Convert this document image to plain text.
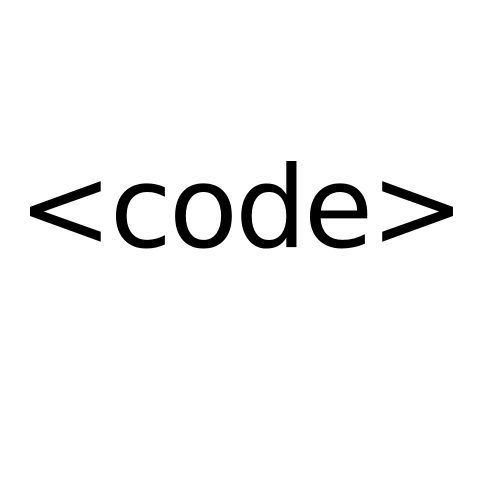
<code>
